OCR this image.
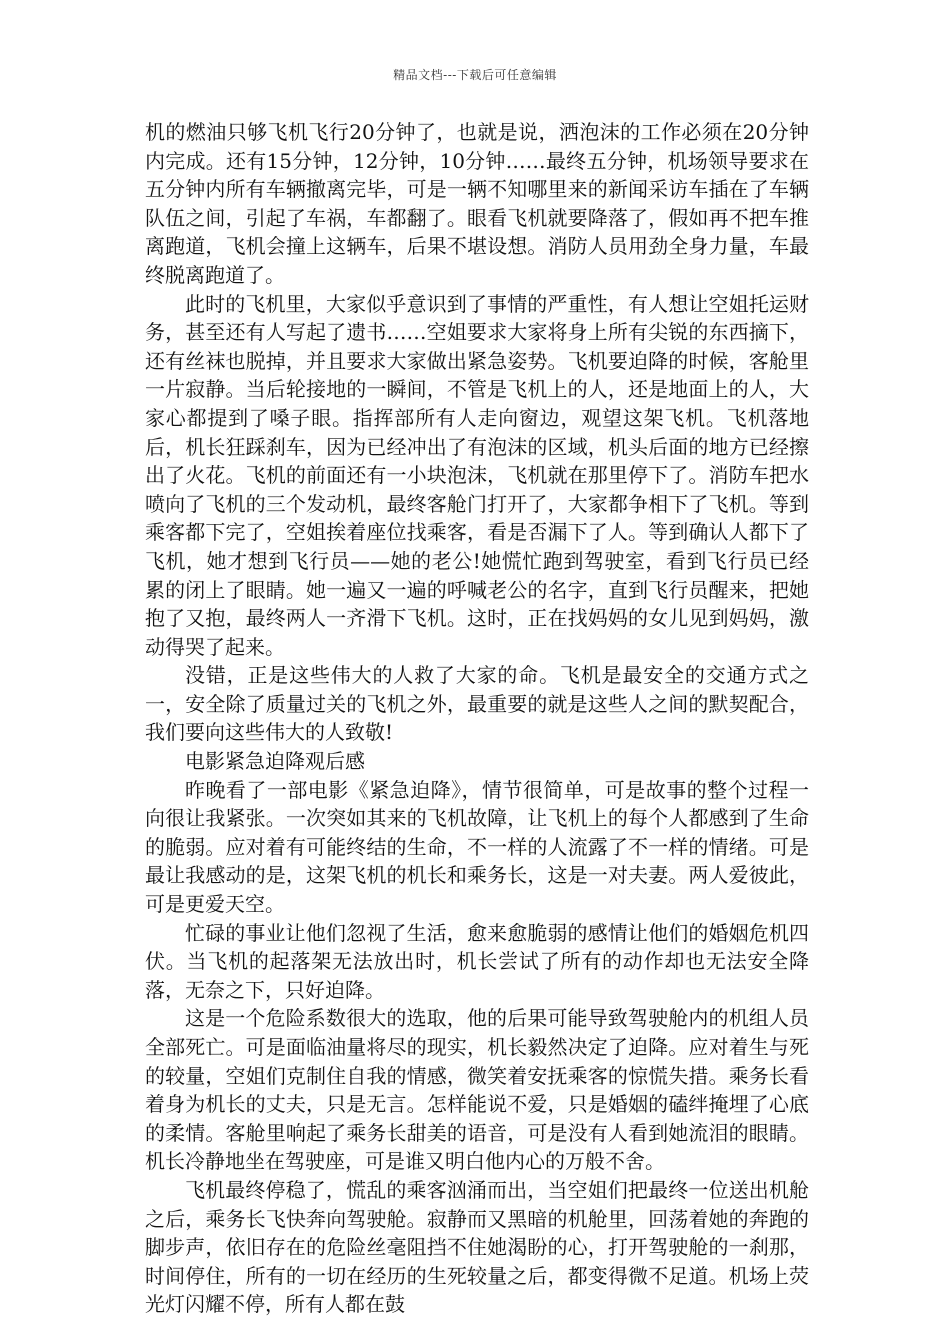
精品文档---下载后可任意编辑

机的燃油只够飞机飞行20分钟了，也就是说，洒泡沫的工作必须在20分钟内完成。还有15分钟，12分钟，10分钟……最终五分钟，机场领导要求在五分钟内所有车辆撤离完毕，可是一辆不知哪里来的新闻采访车插在了车辆队伍之间，引起了车祸，车都翻了。眼看飞机就要降落了，假如再不把车推离跑道，飞机会撞上这辆车，后果不堪设想。消防人员用劲全身力量，车最终脱离跑道了。

此时的飞机里，大家似乎意识到了事情的严重性，有人想让空姐托运财务，甚至还有人写起了遗书……空姐要求大家将身上所有尖锐的东西摘下，还有丝袜也脱掉，并且要求大家做出紧急姿势。飞机要迫降的时候，客舱里一片寂静。当后轮接地的一瞬间，不管是飞机上的人，还是地面上的人，大家心都提到了嗓子眼。指挥部所有人走向窗边，观望这架飞机。飞机落地后，机长狂踩刹车，因为已经冲出了有泡沫的区域，机头后面的地方已经擦出了火花。飞机的前面还有一小块泡沫，飞机就在那里停下了。消防车把水喷向了飞机的三个发动机，最终客舱门打开了，大家都争相下了飞机。等到乘客都下完了，空姐挨着座位找乘客，看是否漏下了人。等到确认人都下了飞机，她才想到飞行员——她的老公!她慌忙跑到驾驶室，看到飞行员已经累的闭上了眼睛。她一遍又一遍的呼喊老公的名字，直到飞行员醒来，把她抱了又抱，最终两人一齐滑下飞机。这时，正在找妈妈的女儿见到妈妈，激动得哭了起来。

没错，正是这些伟大的人救了大家的命。飞机是最安全的交通方式之一，安全除了质量过关的飞机之外，最重要的就是这些人之间的默契配合，我们要向这些伟大的人致敬!

电影紧急迫降观后感

昨晚看了一部电影《紧急迫降》，情节很简单，可是故事的整个过程一向很让我紧张。一次突如其来的飞机故障，让飞机上的每个人都感到了生命的脆弱。应对着有可能终结的生命，不一样的人流露了不一样的情绪。可是最让我感动的是，这架飞机的机长和乘务长，这是一对夫妻。两人爱彼此，可是更爱天空。

忙碌的事业让他们忽视了生活，愈来愈脆弱的感情让他们的婚姻危机四伏。当飞机的起落架无法放出时，机长尝试了所有的动作却也无法安全降落，无奈之下，只好迫降。

这是一个危险系数很大的选取，他的后果可能导致驾驶舱内的机组人员全部死亡。可是面临油量将尽的现实，机长毅然决定了迫降。应对着生与死的较量，空姐们克制住自我的情感，微笑着安抚乘客的惊慌失措。乘务长看着身为机长的丈夫，只是无言。怎样能说不爱，只是婚姻的磕绊掩埋了心底的柔情。客舱里响起了乘务长甜美的语音，可是没有人看到她流泪的眼睛。机长冷静地坐在驾驶座，可是谁又明白他内心的万般不舍。

飞机最终停稳了，慌乱的乘客汹涌而出，当空姐们把最终一位送出机舱之后，乘务长飞快奔向驾驶舱。寂静而又黑暗的机舱里，回荡着她的奔跑的脚步声，依旧存在的危险丝毫阻挡不住她渴盼的心，打开驾驶舱的一刹那，时间停住，所有的一切在经历的生死较量之后，都变得微不足道。机场上荧光灯闪耀不停，所有人都在鼓
